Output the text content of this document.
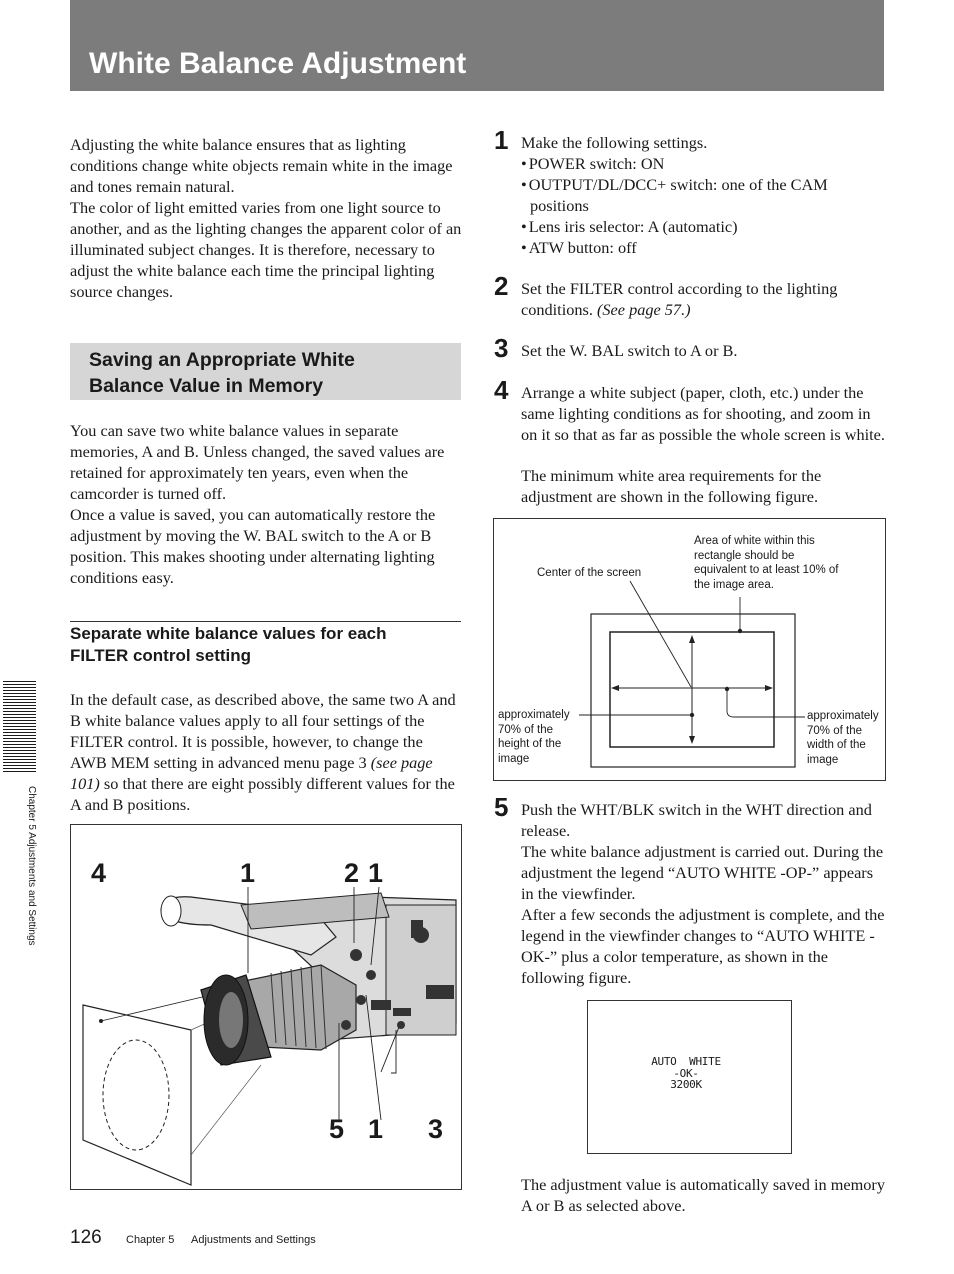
White Balance Adjustment

Adjusting the white balance ensures that as lighting conditions change white objects remain white in the image and tones remain natural.

The color of light emitted varies from one light source to another, and as the lighting changes the apparent color of an illuminated subject changes. It is therefore, necessary to adjust the white balance each time the principal lighting source changes.

Saving an Appropriate White
Balance Value in Memory

You can save two white balance values in separate memories, A and B. Unless changed, the saved values are retained for approximately ten years, even when the camcorder is turned off.

Once a value is saved, you can automatically restore the adjustment by moving the W. BAL switch to the A or B position. This makes shooting under alternating lighting conditions easy.

Separate white balance values for each
FILTER control setting

In the default case, as described above, the same two A and B white balance values apply to all four settings of the FILTER control. It is possible, however, to change the AWB MEM setting in advanced menu page 3 (see page 101) so that there are eight possibly different values for the A and B positions.

4	1	2 1
5 1 3
1 Make the following settings.
• POWER switch: ON
• OUTPUT/DL/DCC+ switch: one of the CAM positions
• Lens iris selector: A (automatic)
• ATW button: off
2 Set the FILTER control according to the lighting conditions. (See page 57.)

3 Set the W. BAL switch to A or B.

4 Arrange a white subject (paper, cloth, etc.) under the same lighting conditions as for shooting, and zoom in on it so that as far as possible the whole screen is white.

The minimum white area requirements for the adjustment are shown in the following figure.

Center of the screen
Area of white within this
rectangle should be
equivalent to at least 10% of
the image area.
approximately
70% of the
height of the
image
approximately
70% of the
width of the
image
5 Push the WHT/BLK switch in the WHT direction and release.

The white balance adjustment is carried out. During the adjustment the legend “AUTO WHITE -OP-” appears in the viewfinder.

After a few seconds the adjustment is complete, and the legend in the viewfinder changes to “AUTO WHITE -OK-” plus a color temperature, as shown in the following figure.

AUTO  WHITE
-OK-
3200K

The adjustment value is automatically saved in memory A or B as selected above.

Chapter 5 Adjustments and Settings
126 Chapter 5 Adjustments and Settings
